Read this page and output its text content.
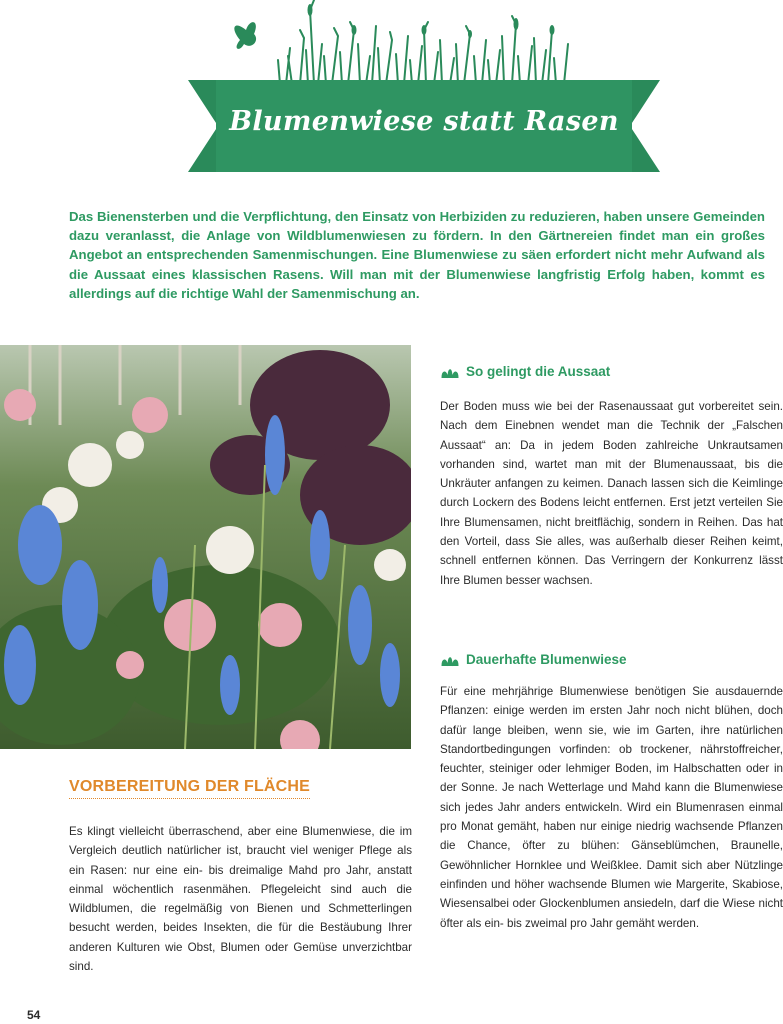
Blumenwiese statt Rasen

Das Bienensterben und die Verpflichtung, den Einsatz von Herbiziden zu reduzieren, haben unsere Gemeinden dazu veranlasst, die Anlage von Wildblumenwiesen zu fördern. In den Gärtnereien findet man ein großes Angebot an entsprechenden Samenmischungen. Eine Blumenwiese zu säen erfordert nicht mehr Aufwand als die Aussaat eines klassischen Rasens. Will man mit der Blumenwiese langfristig Erfolg haben, kommt es allerdings auf die richtige Wahl der Samenmischung an.

VORBEREITUNG DER FLÄCHE

Es klingt vielleicht überraschend, aber eine Blumenwiese, die im Vergleich deutlich natürlicher ist, braucht viel weniger Pflege als ein Rasen: nur eine ein- bis dreimalige Mahd pro Jahr, anstatt einmal wöchentlich rasenmähen. Pflegeleicht sind auch die Wildblumen, die regelmäßig von Bienen und Schmetterlingen besucht werden, beides Insekten, die für die Bestäubung Ihrer anderen Kulturen wie Obst, Blumen oder Gemüse unverzichtbar sind.

So gelingt die Aussaat

Der Boden muss wie bei der Rasenaussaat gut vorbereitet sein. Nach dem Einebnen wendet man die Technik der „Falschen Aussaat“ an: Da in jedem Boden zahlreiche Unkrautsamen vorhanden sind, wartet man mit der Blumenaussaat, bis die Unkräuter anfangen zu keimen. Danach lassen sich die Keimlinge durch Lockern des Bodens leicht entfernen. Erst jetzt verteilen Sie Ihre Blumensamen, nicht breitflächig, sondern in Reihen. Das hat den Vorteil, dass Sie alles, was außerhalb dieser Reihen keimt, schnell entfernen können. Das Verringern der Konkurrenz lässt Ihre Blumen besser wachsen.

Dauerhafte Blumenwiese

Für eine mehrjährige Blumenwiese benötigen Sie ausdauernde Pflanzen: einige werden im ersten Jahr noch nicht blühen, doch dafür lange bleiben, wenn sie, wie im Garten, ihre natürlichen Standortbedingungen vorfinden: ob trockener, nährstoffreicher, feuchter, steiniger oder lehmiger Boden, im Halbschatten oder in der Sonne. Je nach Wetterlage und Mahd kann die Blumenwiese sich jedes Jahr anders entwickeln. Wird ein Blumenrasen einmal pro Monat gemäht, haben nur einige niedrig wachsende Pflanzen die Chance, öfter zu blühen: Gänseblümchen, Braunelle, Gewöhnlicher Hornklee und Weißklee. Damit sich aber Nützlinge einfinden und höher wachsende Blumen wie Margerite, Skabiose, Wiesensalbei oder Glockenblumen ansiedeln, darf die Wiese nicht öfter als ein- bis zweimal pro Jahr gemäht werden.

54
